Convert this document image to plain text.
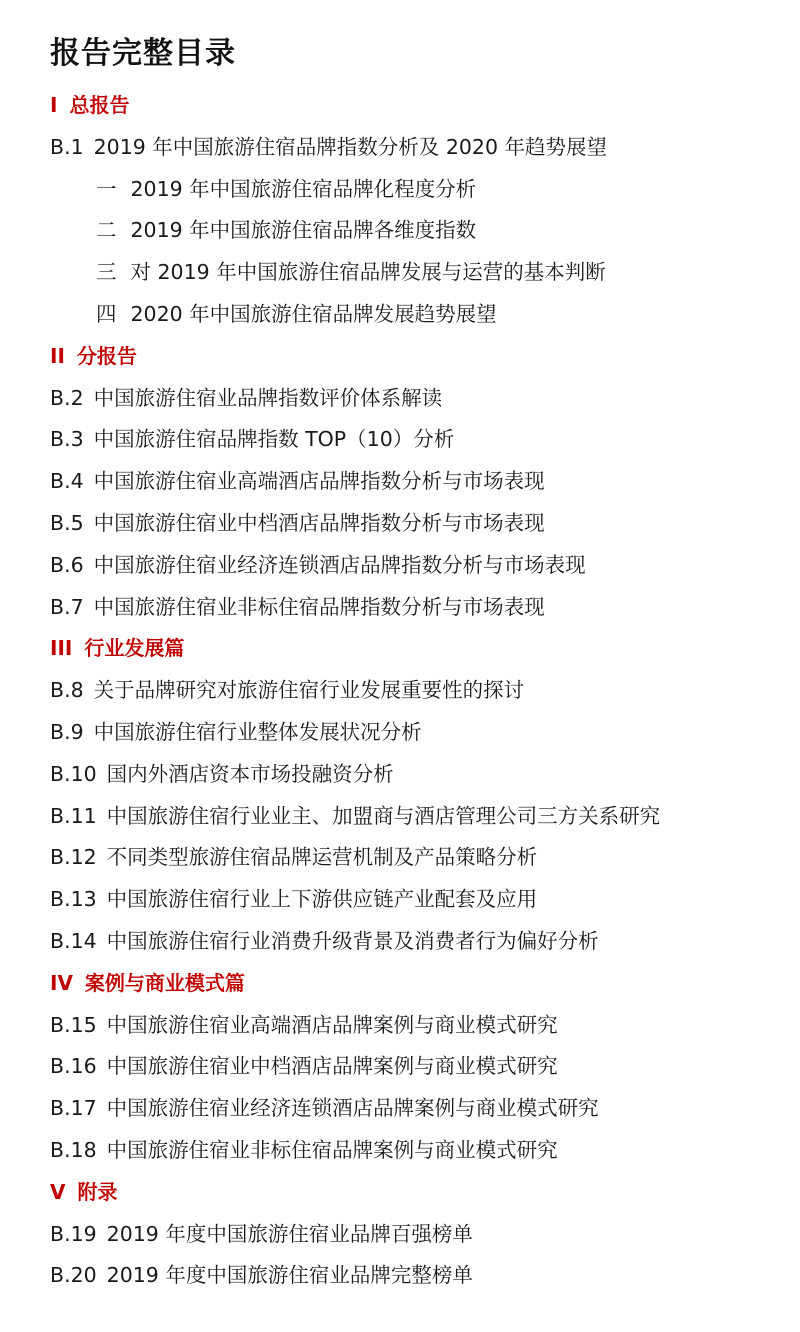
报告完整目录
I 总报告
B.1 2019 年中国旅游住宿品牌指数分析及 2020 年趋势展望
一 2019 年中国旅游住宿品牌化程度分析
二 2019 年中国旅游住宿品牌各维度指数
三 对 2019 年中国旅游住宿品牌发展与运营的基本判断
四 2020 年中国旅游住宿品牌发展趋势展望
II 分报告
B.2 中国旅游住宿业品牌指数评价体系解读
B.3 中国旅游住宿品牌指数 TOP（10）分析
B.4 中国旅游住宿业高端酒店品牌指数分析与市场表现
B.5 中国旅游住宿业中档酒店品牌指数分析与市场表现
B.6 中国旅游住宿业经济连锁酒店品牌指数分析与市场表现
B.7 中国旅游住宿业非标住宿品牌指数分析与市场表现
III 行业发展篇
B.8 关于品牌研究对旅游住宿行业发展重要性的探讨
B.9 中国旅游住宿行业整体发展状况分析
B.10 国内外酒店资本市场投融资分析
B.11 中国旅游住宿行业业主、加盟商与酒店管理公司三方关系研究
B.12 不同类型旅游住宿品牌运营机制及产品策略分析
B.13 中国旅游住宿行业上下游供应链产业配套及应用
B.14 中国旅游住宿行业消费升级背景及消费者行为偏好分析
IV 案例与商业模式篇
B.15 中国旅游住宿业高端酒店品牌案例与商业模式研究
B.16 中国旅游住宿业中档酒店品牌案例与商业模式研究
B.17 中国旅游住宿业经济连锁酒店品牌案例与商业模式研究
B.18 中国旅游住宿业非标住宿品牌案例与商业模式研究
V 附录
B.19 2019 年度中国旅游住宿业品牌百强榜单
B.20 2019 年度中国旅游住宿业品牌完整榜单
